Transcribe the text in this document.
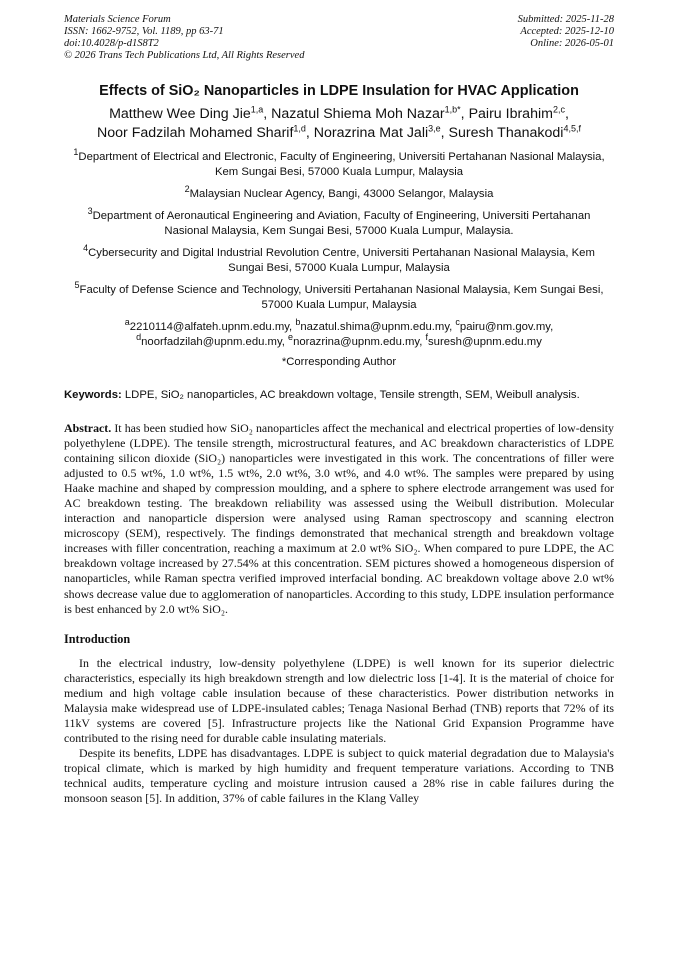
Materials Science Forum
ISSN: 1662-9752, Vol. 1189, pp 63-71
doi:10.4028/p-d1S8T2
© 2026 Trans Tech Publications Ltd, All Rights Reserved
Submitted: 2025-11-28
Accepted: 2025-12-10
Online: 2026-05-01
Effects of SiO₂ Nanoparticles in LDPE Insulation for HVAC Application
Matthew Wee Ding Jie$^{1,a}$, Nazatul Shiema Moh Nazar$^{1,b*}$, Pairu Ibrahim$^{2,c}$,
Noor Fadzilah Mohamed Sharif$^{1,d}$, Norazrina Mat Jali$^{3,e}$, Suresh Thanakodi$^{4,5,f}$
$^1$Department of Electrical and Electronic, Faculty of Engineering, Universiti Pertahanan Nasional Malaysia, Kem Sungai Besi, 57000 Kuala Lumpur, Malaysia
$^2$Malaysian Nuclear Agency, Bangi, 43000 Selangor, Malaysia
$^3$Department of Aeronautical Engineering and Aviation, Faculty of Engineering, Universiti Pertahanan Nasional Malaysia, Kem Sungai Besi, 57000 Kuala Lumpur, Malaysia.
$^4$Cybersecurity and Digital Industrial Revolution Centre, Universiti Pertahanan Nasional Malaysia, Kem Sungai Besi, 57000 Kuala Lumpur, Malaysia
$^5$Faculty of Defense Science and Technology, Universiti Pertahanan Nasional Malaysia, Kem Sungai Besi, 57000 Kuala Lumpur, Malaysia
$^a$2210114@alfateh.upnm.edu.my, $^b$nazatul.shima@upnm.edu.my, $^c$pairu@nm.gov.my,
$^d$noorfadzilah@upnm.edu.my, $^e$norazrina@upnm.edu.my, $^f$suresh@upnm.edu.my
*Corresponding Author
Keywords: LDPE, SiO₂ nanoparticles, AC breakdown voltage, Tensile strength, SEM, Weibull analysis.
Abstract. It has been studied how SiO₂ nanoparticles affect the mechanical and electrical properties of low-density polyethylene (LDPE). The tensile strength, microstructural features, and AC breakdown characteristics of LDPE containing silicon dioxide (SiO₂) nanoparticles were investigated in this work. The concentrations of filler were adjusted to 0.5 wt%, 1.0 wt%, 1.5 wt%, 2.0 wt%, 3.0 wt%, and 4.0 wt%. The samples were prepared by using Haake machine and shaped by compression moulding, and a sphere to sphere electrode arrangement was used for AC breakdown testing. The breakdown reliability was assessed using the Weibull distribution. Molecular interaction and nanoparticle dispersion were analysed using Raman spectroscopy and scanning electron microscopy (SEM), respectively. The findings demonstrated that mechanical strength and breakdown voltage increases with filler concentration, reaching a maximum at 2.0 wt% SiO₂. When compared to pure LDPE, the AC breakdown voltage increased by 27.54% at this concentration. SEM pictures showed a homogeneous dispersion of nanoparticles, while Raman spectra verified improved interfacial bonding. AC breakdown voltage above 2.0 wt% shows decrease value due to agglomeration of nanoparticles. According to this study, LDPE insulation performance is best enhanced by 2.0 wt% SiO₂.
Introduction
In the electrical industry, low-density polyethylene (LDPE) is well known for its superior dielectric characteristics, especially its high breakdown strength and low dielectric loss [1-4]. It is the material of choice for medium and high voltage cable insulation because of these characteristics. Power distribution networks in Malaysia make widespread use of LDPE-insulated cables; Tenaga Nasional Berhad (TNB) reports that 72% of its 11kV systems are covered [5]. Infrastructure projects like the National Grid Expansion Programme have contributed to the rising need for durable cable insulating materials.
Despite its benefits, LDPE has disadvantages. LDPE is subject to quick material degradation due to Malaysia's tropical climate, which is marked by high humidity and frequent temperature variations. According to TNB technical audits, temperature cycling and moisture intrusion caused a 28% rise in cable failures during the monsoon season [5]. In addition, 37% of cable failures in the Klang Valley
